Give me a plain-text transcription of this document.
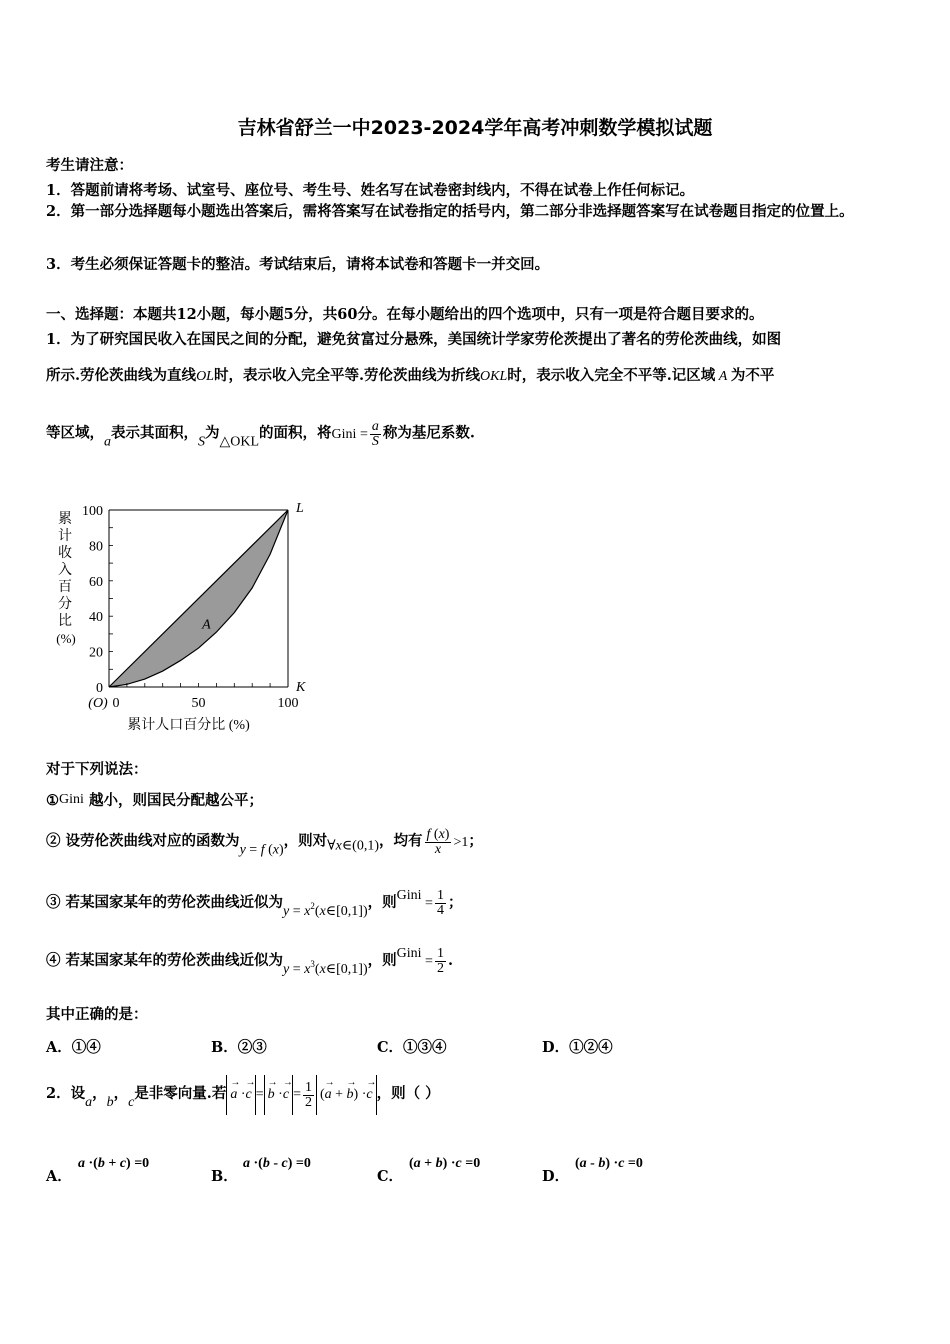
吉林省舒兰一中2023-2024学年高考冲刺数学模拟试题
考生请注意：
1．答题前请将考场、试室号、座位号、考生号、姓名写在试卷密封线内，不得在试卷上作任何标记。
2．第一部分选择题每小题选出答案后，需将答案写在试卷指定的括号内，第二部分非选择题答案写在试卷题目指定的位置上。
3．考生必须保证答题卡的整洁。考试结束后，请将本试卷和答题卡一并交回。
一、选择题：本题共12小题，每小题5分，共60分。在每小题给出的四个选项中，只有一项是符合题目要求的。
1．为了研究国民收入在国民之间的分配，避免贫富过分悬殊，美国统计学家劳伦茨提出了著名的劳伦茨曲线，如图
所示.劳伦茨曲线为直线OL时，表示收入完全平等.劳伦茨曲线为折线OKL时，表示收入完全不平等.记区域 A 为不平
等区域，a表示其面积，S为△OKL的面积，将Gini = $\frac{a}{S}$ 称为基尼系数.
0
20
40
60
80
100
0	50	100
(O)
L
K
A
累计人口百分比 (%)
累
计
收
入
百
分
比
(%)
对于下列说法：
①Gini 越小，则国民分配越公平；
② 设劳伦茨曲线对应的函数为y = f (x)，则对∀x∈(0,1)，均有 $\frac{f (x)}{x} >1$；
③ 若某国家某年的劳伦茨曲线近似为$y = x^2(x\in[0,1])$，则Gini = $\frac{1}{4}$ ；
④ 若某国家某年的劳伦茨曲线近似为$y = x^3(x\in[0,1])$，则Gini = $\frac{1}{2}$ .
其中正确的是：
A．①④	B．②③	C．①③④	D．①②④
2．设a，b，c是非零向量.若→ $a \cdot\to c =\to b \cdot\to c = \frac{1}{2}$ (→ a + → b) ·→ c ，则（ ）
A．
a ·(b + c) =0
B．
a ·(b - c) =0
C．
(a + b) ·c =0
D．
(a - b) ·c =0
